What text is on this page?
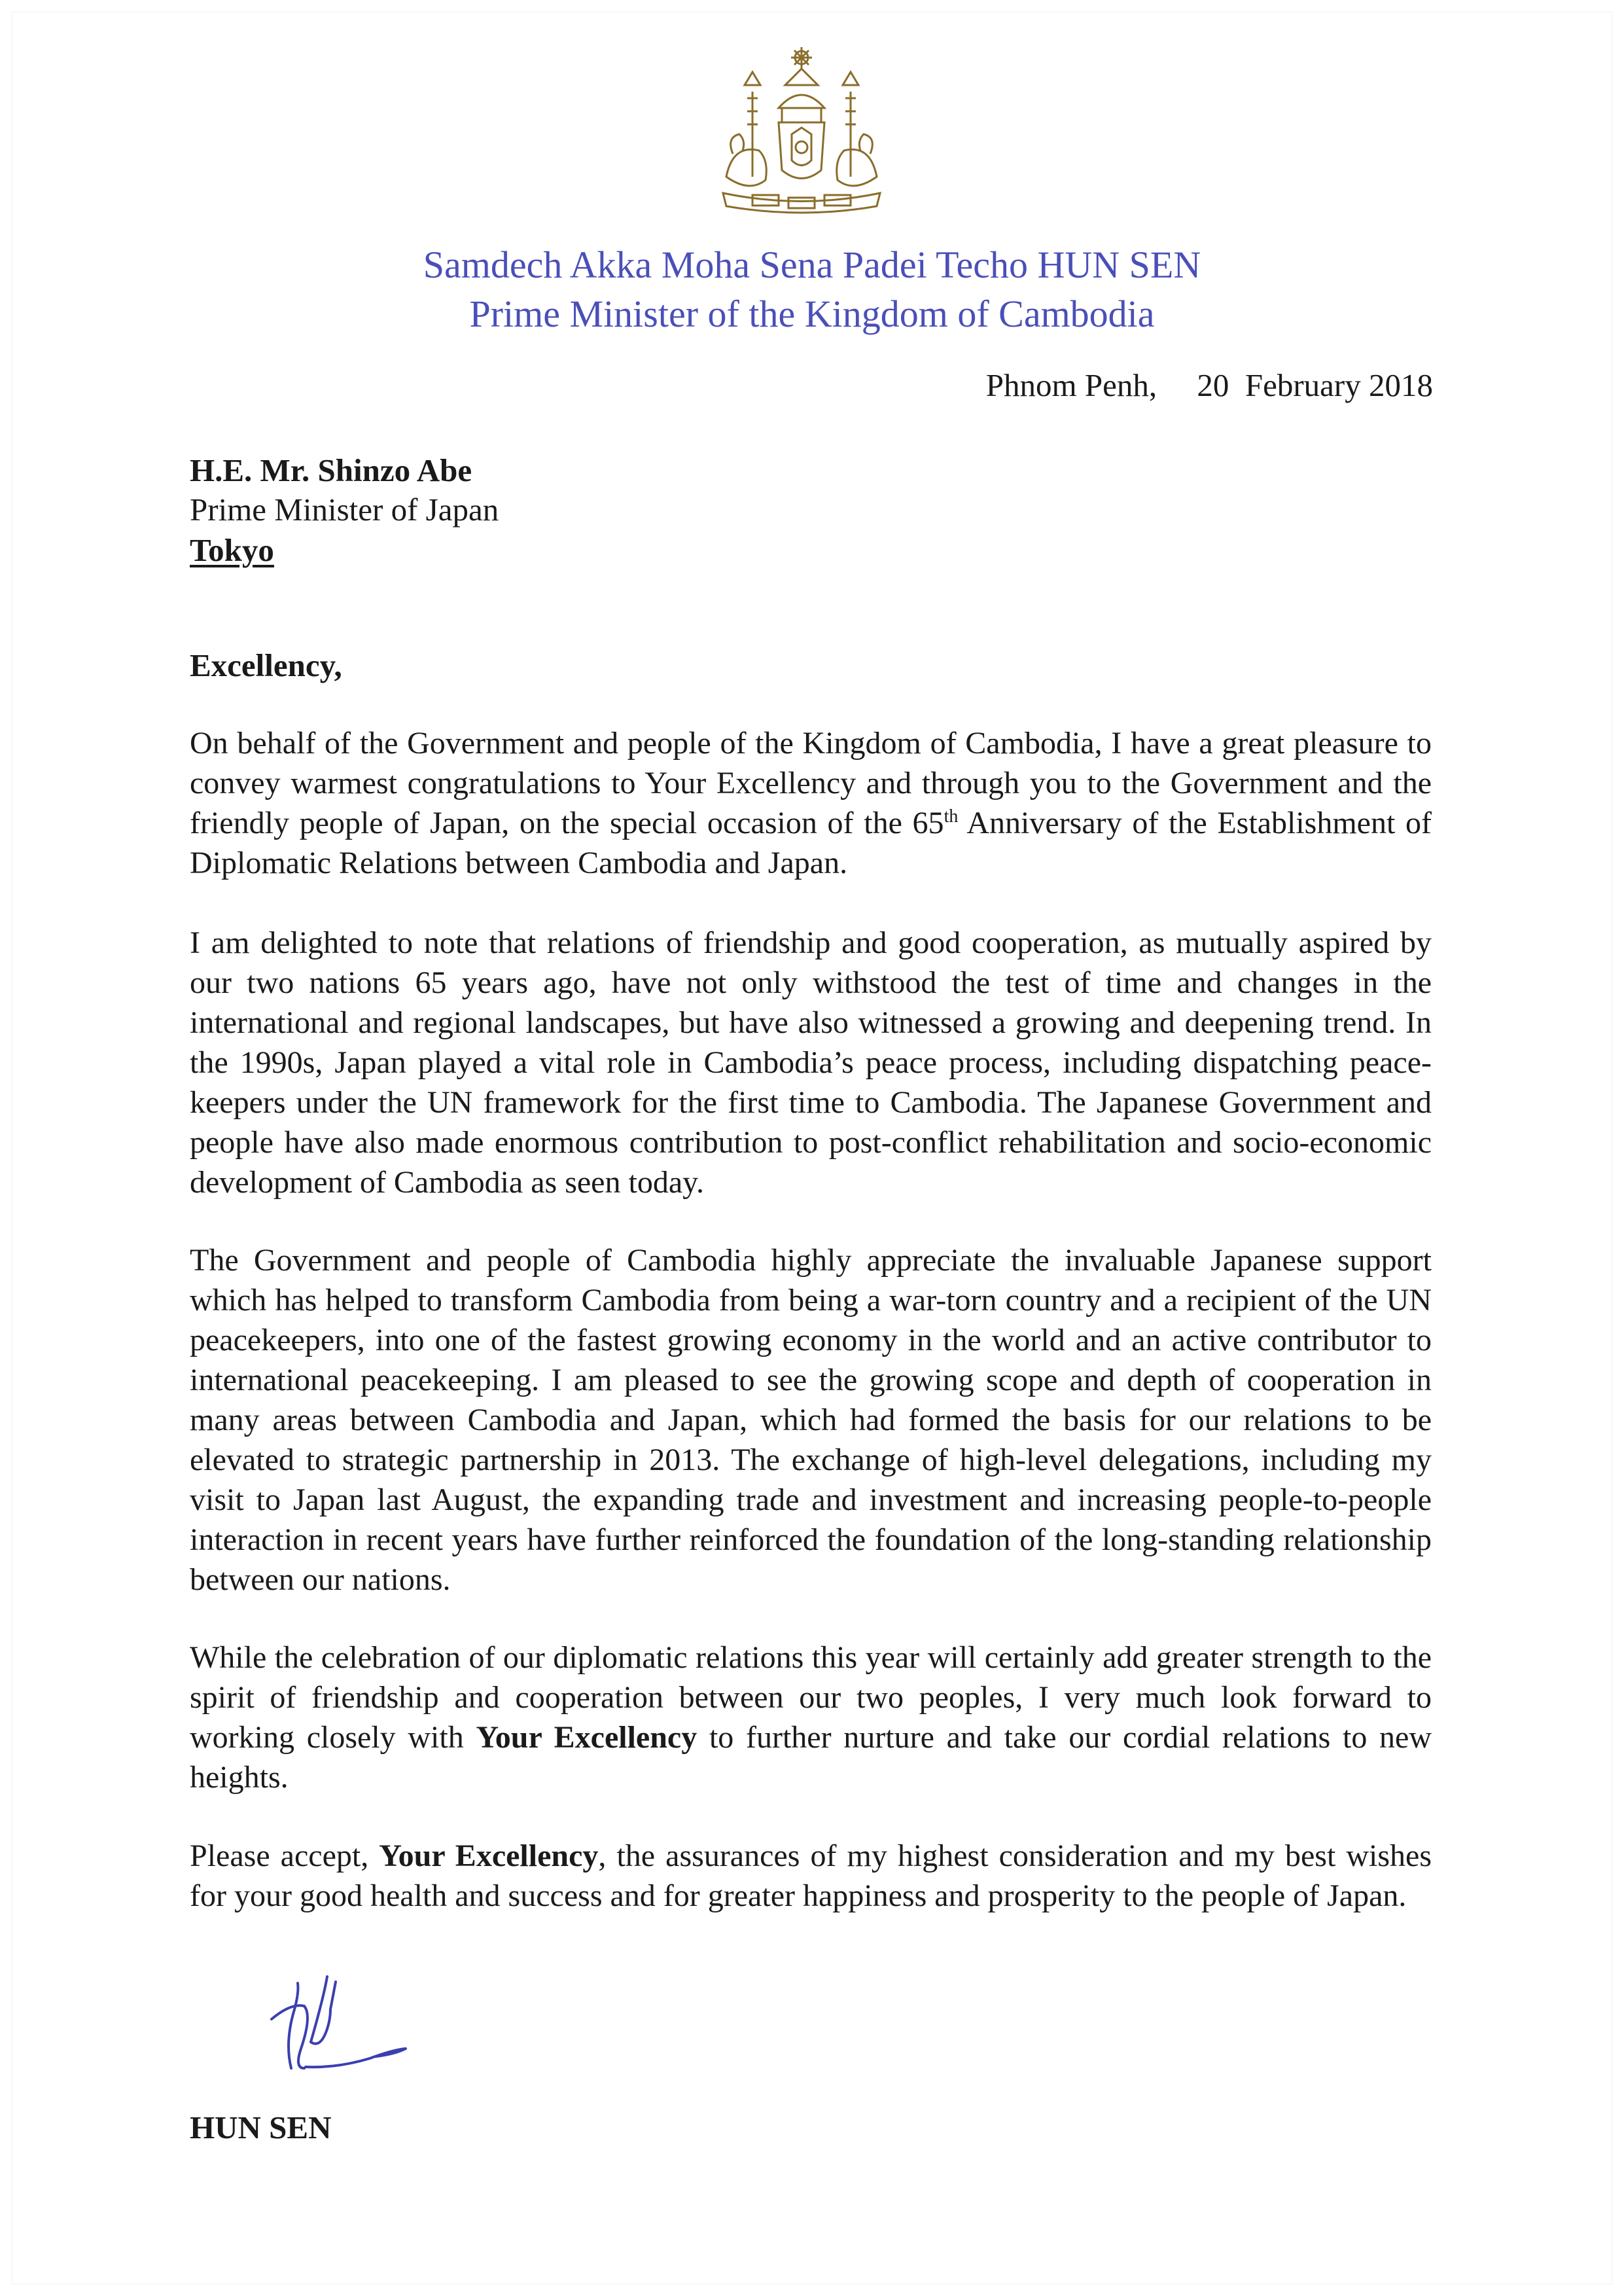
Samdech Akka Moha Sena Padei Techo HUN SEN
Prime Minister of the Kingdom of Cambodia
Phnom Penh, 20  February 2018
H.E. Mr. Shinzo Abe
Prime Minister of Japan
Tokyo
Excellency,

On behalf of the Government and people of the Kingdom of Cambodia, I have a great pleasure to convey warmest congratulations to Your Excellency and through you to the Government and the friendly people of Japan, on the special occasion of the 65th Anniversary of the Establishment of Diplomatic Relations between Cambodia and Japan.

I am delighted to note that relations of friendship and good cooperation, as mutually aspired by our two nations 65 years ago, have not only withstood the test of time and changes in the international and regional landscapes, but have also witnessed a growing and deepening trend. In the 1990s, Japan played a vital role in Cambodia’s peace process, including dispatching peace-keepers under the UN framework for the first time to Cambodia. The Japanese Government and people have also made enormous contribution to post-conflict rehabilitation and socio-economic development of Cambodia as seen today.

The Government and people of Cambodia highly appreciate the invaluable Japanese support which has helped to transform Cambodia from being a war-torn country and a recipient of the UN peacekeepers, into one of the fastest growing economy in the world and an active contributor to international peacekeeping. I am pleased to see the growing scope and depth of cooperation in many areas between Cambodia and Japan, which had formed the basis for our relations to be elevated to strategic partnership in 2013. The exchange of high-level delegations, including my visit to Japan last August, the expanding trade and investment and increasing people-to-people interaction in recent years have further reinforced the foundation of the long-standing relationship between our nations.

While the celebration of our diplomatic relations this year will certainly add greater strength to the spirit of friendship and cooperation between our two peoples, I very much look forward to working closely with Your Excellency to further nurture and take our cordial relations to new heights.

Please accept, Your Excellency, the assurances of my highest consideration and my best wishes for your good health and success and for greater happiness and prosperity to the people of Japan.

HUN SEN
